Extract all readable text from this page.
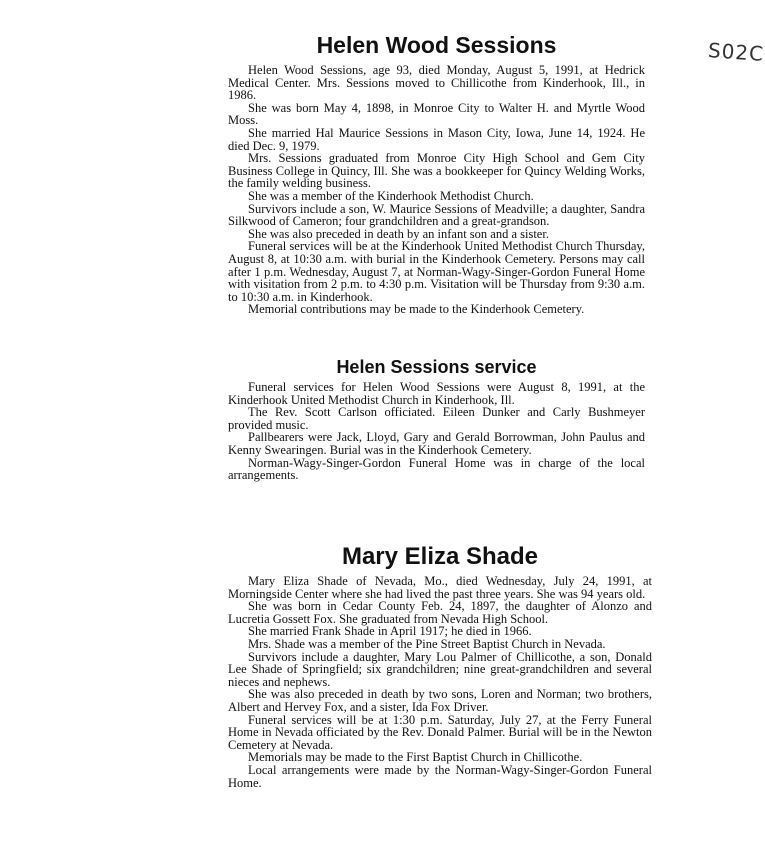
S02C
Helen Wood Sessions

Helen Wood Sessions, age 93, died Monday, August 5, 1991, at Hedrick Medical Center. Mrs. Sessions moved to Chillicothe from Kinderhook, Ill., in 1986.

She was born May 4, 1898, in Monroe City to Walter H. and Myrtle Wood Moss.

She married Hal Maurice Sessions in Mason City, Iowa, June 14, 1924. He died Dec. 9, 1979.

Mrs. Sessions graduated from Monroe City High School and Gem City Business College in Quincy, Ill. She was a bookkeeper for Quincy Welding Works, the family welding business.

She was a member of the Kinderhook Methodist Church.

Survivors include a son, W. Maurice Sessions of Meadville; a daughter, Sandra Silkwood of Cameron; four grandchildren and a great-grandson.

She was also preceded in death by an infant son and a sister.

Funeral services will be at the Kinderhook United Methodist Church Thursday, August 8, at 10:30 a.m. with burial in the Kinderhook Cemetery. Persons may call after 1 p.m. Wednesday, August 7, at Norman-Wagy-Singer-Gordon Funeral Home with visitation from 2 p.m. to 4:30 p.m. Visitation will be Thursday from 9:30 a.m. to 10:30 a.m. in Kinderhook.

Memorial contributions may be made to the Kinderhook Cemetery.

Helen Sessions service

Funeral services for Helen Wood Sessions were August 8, 1991, at the Kinderhook United Methodist Church in Kinderhook, Ill.

The Rev. Scott Carlson officiated. Eileen Dunker and Carly Bushmeyer provided music.

Pallbearers were Jack, Lloyd, Gary and Gerald Borrowman, John Paulus and Kenny Swearingen. Burial was in the Kinderhook Cemetery.

Norman-Wagy-Singer-Gordon Funeral Home was in charge of the local arrangements.

Mary Eliza Shade

Mary Eliza Shade of Nevada, Mo., died Wednesday, July 24, 1991, at Morningside Center where she had lived the past three years. She was 94 years old.

She was born in Cedar County Feb. 24, 1897, the daughter of Alonzo and Lucretia Gossett Fox. She graduated from Nevada High School.

She married Frank Shade in April 1917; he died in 1966.

Mrs. Shade was a member of the Pine Street Baptist Church in Nevada.

Survivors include a daughter, Mary Lou Palmer of Chillicothe, a son, Donald Lee Shade of Springfield; six grandchildren; nine great-grandchildren and several nieces and nephews.

She was also preceded in death by two sons, Loren and Norman; two brothers, Albert and Hervey Fox, and a sister, Ida Fox Driver.

Funeral services will be at 1:30 p.m. Saturday, July 27, at the Ferry Funeral Home in Nevada officiated by the Rev. Donald Palmer. Burial will be in the Newton Cemetery at Nevada.

Memorials may be made to the First Baptist Church in Chillicothe.

Local arrangements were made by the Norman-Wagy-Singer-Gordon Funeral Home.
